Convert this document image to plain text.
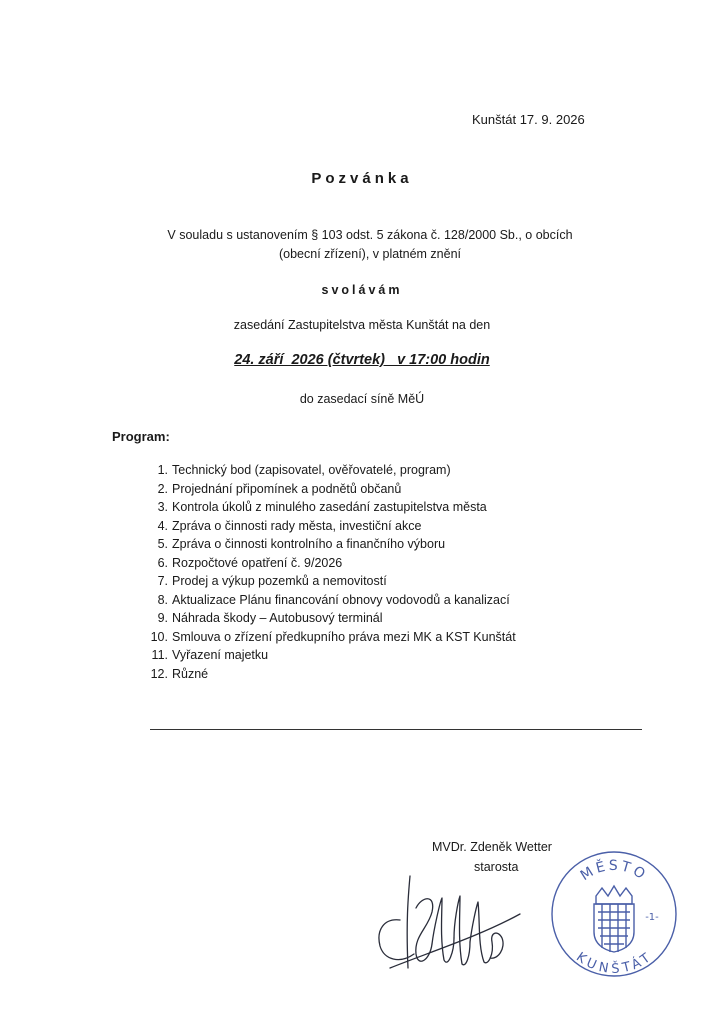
Kunštát 17. 9. 2026
Pozvánka
V souladu s ustanovením § 103 odst. 5 zákona č. 128/2000 Sb., o obcích
(obecní zřízení), v platném znění
svolávám
zasedání Zastupitelstva města Kunštát na den
24. září  2026 (čtvrtek)   v 17:00 hodin
do zasedací síně MěÚ
Program:
1. Technický bod (zapisovatel, ověřovatelé, program)
2. Projednání připomínek a podnětů občanů
3. Kontrola úkolů z minulého zasedání zastupitelstva města
4. Zpráva o činnosti rady města, investiční akce
5. Zpráva o činnosti kontrolního a finančního výboru
6. Rozpočtové opatření č. 9/2026
7. Prodej a výkup pozemků a nemovitostí
8. Aktualizace Plánu financování obnovy vodovodů a kanalizací
9. Náhrada škody – Autobusový terminál
10. Smlouva o zřízení předkupního práva mezi MK a KST Kunštát
11. Vyřazení majetku
12. Různé
MVDr. Zdeněk Wetter
starosta	MĚSTO
KUNŠTÁT
-1-
